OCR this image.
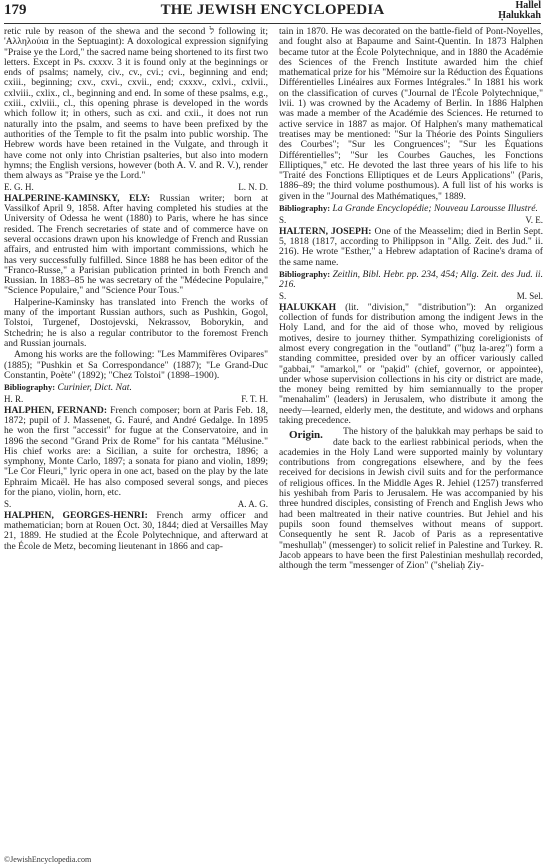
179	THE JEWISH ENCYCLOPEDIA	Hallel
Ḥalukkah

retic rule by reason of the shewa and the second ל following it; 'Αλληλούια in the Septuagint): A doxological expression signifying "Praise ye the Lord," the sacred name being shortened to its first two letters. Except in Ps. cxxxv. 3 it is found only at the beginnings or ends of psalms; namely, civ., cv., cvi.; cvi., beginning and end; cxiii., beginning; cxv., cxvi., cxvii., end; cxxxv., cxlvi., cxlvii., cxlviii., cxlix., cl., beginning and end. In some of these psalms, e.g., cxiii., cxlviii., cl., this opening phrase is developed in the words which follow it; in others, such as cxi. and cxii., it does not run naturally into the psalm, and seems to have been prefixed by the authorities of the Temple to fit the psalm into public worship. The Hebrew words have been retained in the Vulgate, and through it have come not only into Christian psalteries, but also into modern hymns; the English versions, however (both A. V. and R. V.), render them always as "Praise ye the Lord."

E. G. H.	L. N. D.

HALPERINE-KAMINSKY, ELY: Russian writer; born at Vassilkof April 9, 1858. After having completed his studies at the University of Odessa he went (1880) to Paris, where he has since resided. The French secretaries of state and of commerce have on several occasions drawn upon his knowledge of French and Russian affairs, and entrusted him with important commissions, which he has very successfully fulfilled. Since 1888 he has been editor of the "Franco-Russe," a Parisian publication printed in both French and Russian. In 1883–85 he was secretary of the "Médecine Populaire," "Science Populaire," and "Science Pour Tous."

Halperine-Kaminsky has translated into French the works of many of the important Russian authors, such as Pushkin, Gogol, Tolstoi, Turgenef, Dostojevski, Nekrassov, Boborykin, and Stchedrin; he is also a regular contributor to the foremost French and Russian journals.

Among his works are the following: "Les Mammifères Ovipares" (1885); "Pushkin et Sa Correspondance" (1887); "Le Grand-Duc Constantin, Poète" (1892); "Chez Tolstoi" (1898–1900).

Bibliography: Curinier, Dict. Nat.

H. R.	F. T. H.

HALPHEN, FERNAND: French composer; born at Paris Feb. 18, 1872; pupil of J. Massenet, G. Fauré, and André Gedalge. In 1895 he won the first "accessit" for fugue at the Conservatoire, and in 1896 the second "Grand Prix de Rome" for his cantata "Mélusine." His chief works are: a Sicilian, a suite for orchestra, 1896; a symphony, Monte Carlo, 1897; a sonata for piano and violin, 1899; "Le Cor Fleuri," lyric opera in one act, based on the play by the late Ephraim Micaël. He has also composed several songs, and pieces for the piano, violin, horn, etc.

S.	A. A. G.

HALPHEN, GEORGES-HENRI: French army officer and mathematician; born at Rouen Oct. 30, 1844; died at Versailles May 21, 1889. He studied at the École Polytechnique, and afterward at the École de Metz, becoming lieutenant in 1866 and cap-

tain in 1870. He was decorated on the battle-field of Pont-Noyelles, and fought also at Bapaume and Saint-Quentin. In 1873 Halphen became tutor at the École Polytechnique, and in 1880 the Académie des Sciences of the French Institute awarded him the chief mathematical prize for his "Mémoire sur la Réduction des Équations Différentielles Linéaires aux Formes Intégrales." In 1881 his work on the classification of curves ("Journal de l'École Polytechnique," lvii. 1) was crowned by the Academy of Berlin. In 1886 Halphen was made a member of the Académie des Sciences. He returned to active service in 1887 as major. Of Halphen's many mathematical treatises may be mentioned: "Sur la Théorie des Points Singuliers des Courbes"; "Sur les Congruences"; "Sur les Équations Différentielles"; "Sur les Courbes Gauches, les Fonctions Elliptiques," etc. He devoted the last three years of his life to his "Traité des Fonctions Elliptiques et de Leurs Applications" (Paris, 1886–89; the third volume posthumous). A full list of his works is given in the "Journal des Mathématiques," 1889.

Bibliography: La Grande Encyclopédie; Nouveau Larousse Illustré.

S.	V. E.

HALTERN, JOSEPH: One of the Measselim; died in Berlin Sept. 5, 1818 (1817, according to Philippson in "Allg. Zeit. des Jud." ii. 216). He wrote "Esther," a Hebrew adaptation of Racine's drama of the same name.

Bibliography: Zeitlin, Bibl. Hebr. pp. 234, 454; Allg. Zeit. des Jud. ii. 216.

S.	M. Sel.

ḤALUKKAH (lit. "division," "distribution"): An organized collection of funds for distribution among the indigent Jews in the Holy Land, and for the aid of those who, moved by religious motives, desire to journey thither. Sympathizing coreligionists of almost every congregation in the "outland" ("ḥuẓ la-areẓ") form a standing committee, presided over by an officer variously called "gabbai," "amarkol," or "paḳid" (chief, governor, or appointee), under whose supervision collections in his city or district are made, the money being remitted by him semiannually to the proper "menahalim" (leaders) in Jerusalem, who distribute it among the needy—learned, elderly men, the destitute, and widows and orphans taking precedence.

Origin.	The history of the ḥalukkah may perhaps be said to date back to the earliest rabbinical periods, when the academies in the Holy Land were supported mainly by voluntary contributions from congregations elsewhere, and by the fees received for decisions in Jewish civil suits and for the performance of religious offices. In the Middle Ages R. Jehiel (1257) transferred his yeshibah from Paris to Jerusalem. He was accompanied by his three hundred disciples, consisting of French and English Jews who had been maltreated in their native countries. But Jehiel and his pupils soon found themselves without means of support. Consequently he sent R. Jacob of Paris as a representative "meshullaḥ" (messenger) to solicit relief in Palestine and Turkey. R. Jacob appears to have been the first Palestinian meshullaḥ recorded, although the term "messenger of Zion" ("sheliaḥ Ẓiy-

©JewishEncyclopedia.com
